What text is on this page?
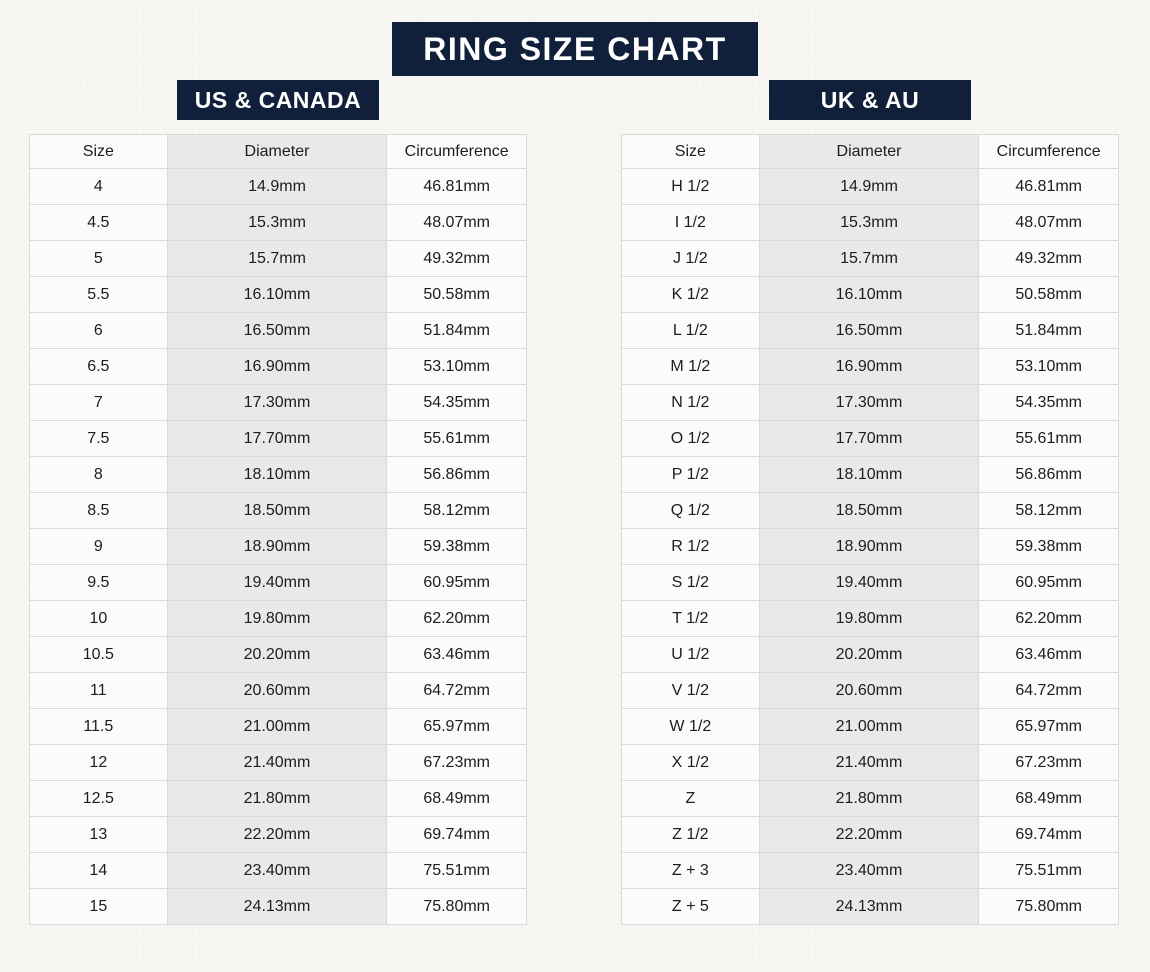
RING SIZE CHART
US & CANADA
Size	Diameter	Circumference
4	14.9mm	46.81mm
4.5	15.3mm	48.07mm
5	15.7mm	49.32mm
5.5	16.10mm	50.58mm
6	16.50mm	51.84mm
6.5	16.90mm	53.10mm
7	17.30mm	54.35mm
7.5	17.70mm	55.61mm
8	18.10mm	56.86mm
8.5	18.50mm	58.12mm
9	18.90mm	59.38mm
9.5	19.40mm	60.95mm
10	19.80mm	62.20mm
10.5	20.20mm	63.46mm
11	20.60mm	64.72mm
11.5	21.00mm	65.97mm
12	21.40mm	67.23mm
12.5	21.80mm	68.49mm
13	22.20mm	69.74mm
14	23.40mm	75.51mm
15	24.13mm	75.80mm
UK & AU
Size	Diameter	Circumference
H 1/2	14.9mm	46.81mm
I 1/2	15.3mm	48.07mm
J 1/2	15.7mm	49.32mm
K 1/2	16.10mm	50.58mm
L 1/2	16.50mm	51.84mm
M 1/2	16.90mm	53.10mm
N 1/2	17.30mm	54.35mm
O 1/2	17.70mm	55.61mm
P 1/2	18.10mm	56.86mm
Q 1/2	18.50mm	58.12mm
R 1/2	18.90mm	59.38mm
S 1/2	19.40mm	60.95mm
T 1/2	19.80mm	62.20mm
U 1/2	20.20mm	63.46mm
V 1/2	20.60mm	64.72mm
W 1/2	21.00mm	65.97mm
X 1/2	21.40mm	67.23mm
Z	21.80mm	68.49mm
Z 1/2	22.20mm	69.74mm
Z + 3	23.40mm	75.51mm
Z + 5	24.13mm	75.80mm
